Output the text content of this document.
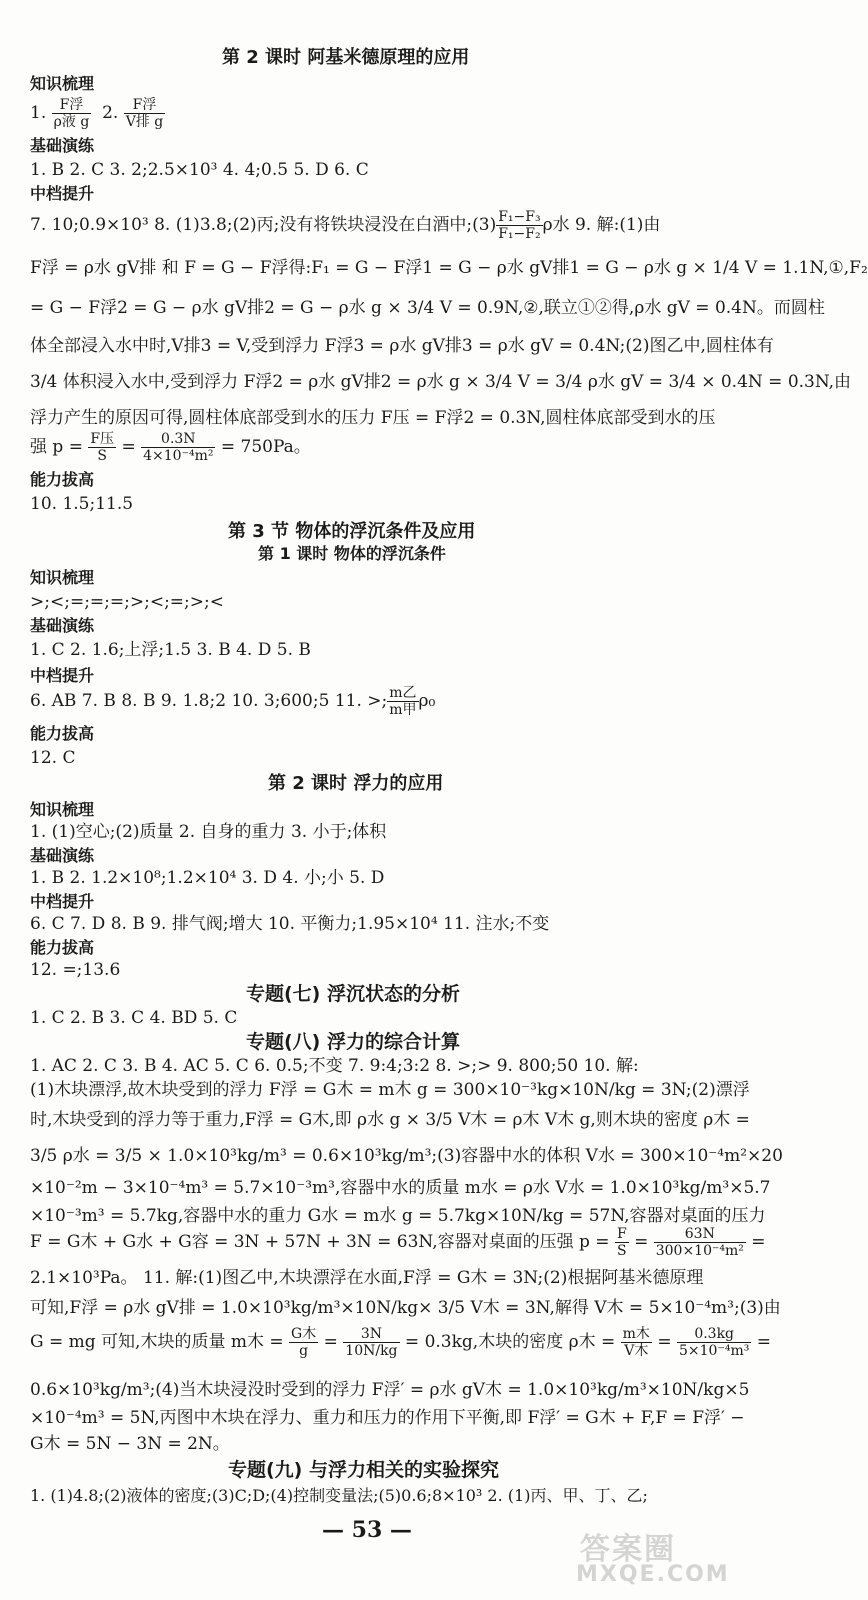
第 2 课时 阿基米德原理的应用
知识梳理
1. $\frac{\text{F浮}}{\text{ρ液 g}} 2$. $\frac{\text{F浮}}{\text{V排 g}}$
基础演练
1. B 2. C 3. 2;2.5×10³ 4. 4;0.5 5. D 6. C
中档提升
7. 10;0.9×10³ 8. (1)3.8;(2)丙;没有将铁块浸没在白酒中;(3) $\frac{\text{F₁−F₃}}{\text{F₁−F₂}}$ ρ水 9. 解:(1)由
F浮 = ρ水 gV排 和 F = G − F浮得:F₁ = G − F浮1 = G − ρ水 gV排1 = G − ρ水 g × 1/4 V = 1.1N,①,F₂
= G − F浮2 = G − ρ水 gV排2 = G − ρ水 g × 3/4 V = 0.9N,②,联立①②得,ρ水 gV = 0.4N。而圆柱
体全部浸入水中时,V排3 = V,受到浮力 F浮3 = ρ水 gV排3 = ρ水 gV = 0.4N;(2)图乙中,圆柱体有
3/4 体积浸入水中,受到浮力 F浮2 = ρ水 gV排2 = ρ水 g × 3/4 V = 3/4 ρ水 gV = 3/4 × 0.4N = 0.3N,由
浮力产生的原因可得,圆柱体底部受到水的压力 F压 = F浮2 = 0.3N,圆柱体底部受到水的压
强 $p = \frac{\text{F压}}{S} = \frac{0.3N}{\text{4×10⁻⁴m²}} = 750Pa$。
能力拔高
10. 1.5;11.5
第 3 节 物体的浮沉条件及应用
第 1 课时 物体的浮沉条件
知识梳理
>;<;=;=;=;>;<;=;>;<
基础演练
1. C 2. 1.6;上浮;1.5 3. B 4. D 5. B
中档提升
6. AB 7. B 8. B 9. 1.8;2 10. 3;600;5 11. >; $\frac{\text{m乙}}{\text{m甲}} \rho_0$
能力拔高
12. C
第 2 课时 浮力的应用
知识梳理
1. (1)空心;(2)质量 2. 自身的重力 3. 小于;体积
基础演练
1. B 2. 1.2×10⁸;1.2×10⁴ 3. D 4. 小;小 5. D
中档提升
6. C 7. D 8. B 9. 排气阀;增大 10. 平衡力;1.95×10⁴ 11. 注水;不变
能力拔高
12. =;13.6
专题(七) 浮沉状态的分析
1. C 2. B 3. C 4. BD 5. C
专题(八) 浮力的综合计算
1. AC 2. C 3. B 4. AC 5. C 6. 0.5;不变 7. 9:4;3:2 8. >;> 9. 800;50 10. 解:
(1)木块漂浮,故木块受到的浮力 F浮 = G木 = m木 g = 300×10⁻³kg×10N/kg = 3N;(2)漂浮
时,木块受到的浮力等于重力,F浮 = G木,即 ρ水 g × 3/5 V木 = ρ木 V木 g,则木块的密度 ρ木 =
3/5 ρ水 = 3/5 × 1.0×10³kg/m³ = 0.6×10³kg/m³;(3)容器中水的体积 V水 = 300×10⁻⁴m²×20
×10⁻²m − 3×10⁻⁴m³ = 5.7×10⁻³m³,容器中水的质量 m水 = ρ水 V水 = 1.0×10³kg/m³×5.7
×10⁻³m³ = 5.7kg,容器中水的重力 G水 = m水 g = 5.7kg×10N/kg = 57N,容器对桌面的压力
F = G木 + G水 + G容 = 3N + 57N + 3N = 63N,容器对桌面的压强 $p = \frac{F}{S} = \frac{63N}{\text{300×10⁻⁴m²}}$ =
2.1×10³Pa。 11. 解:(1)图乙中,木块漂浮在水面,F浮 = G木 = 3N;(2)根据阿基米德原理
可知,F浮 = ρ水 gV排 = 1.0×10³kg/m³×10N/kg× 3/5 V木 = 3N,解得 V木 = 5×10⁻⁴m³;(3)由
G = mg 可知,木块的质量 m木 = $\frac{\text{G木}}{g} = \frac{3N}{10N/kg} = 0.3kg$,木块的密度 ρ木 = $\frac{\text{m木}}{\text{V木}} = \frac{0.3kg}{\text{5×10⁻⁴m³}}$ =
0.6×10³kg/m³;(4)当木块浸没时受到的浮力 F浮′ = ρ水 gV木 = 1.0×10³kg/m³×10N/kg×5
×10⁻⁴m³ = 5N,丙图中木块在浮力、重力和压力的作用下平衡,即 F浮′ = G木 + F,F = F浮′ −
G木 = 5N − 3N = 2N。
专题(九) 与浮力相关的实验探究
1. (1)4.8;(2)液体的密度;(3)C;D;(4)控制变量法;(5)0.6;8×10³ 2. (1)丙、甲、丁、乙;
— 53 —
答案圈
MXQE.COM
